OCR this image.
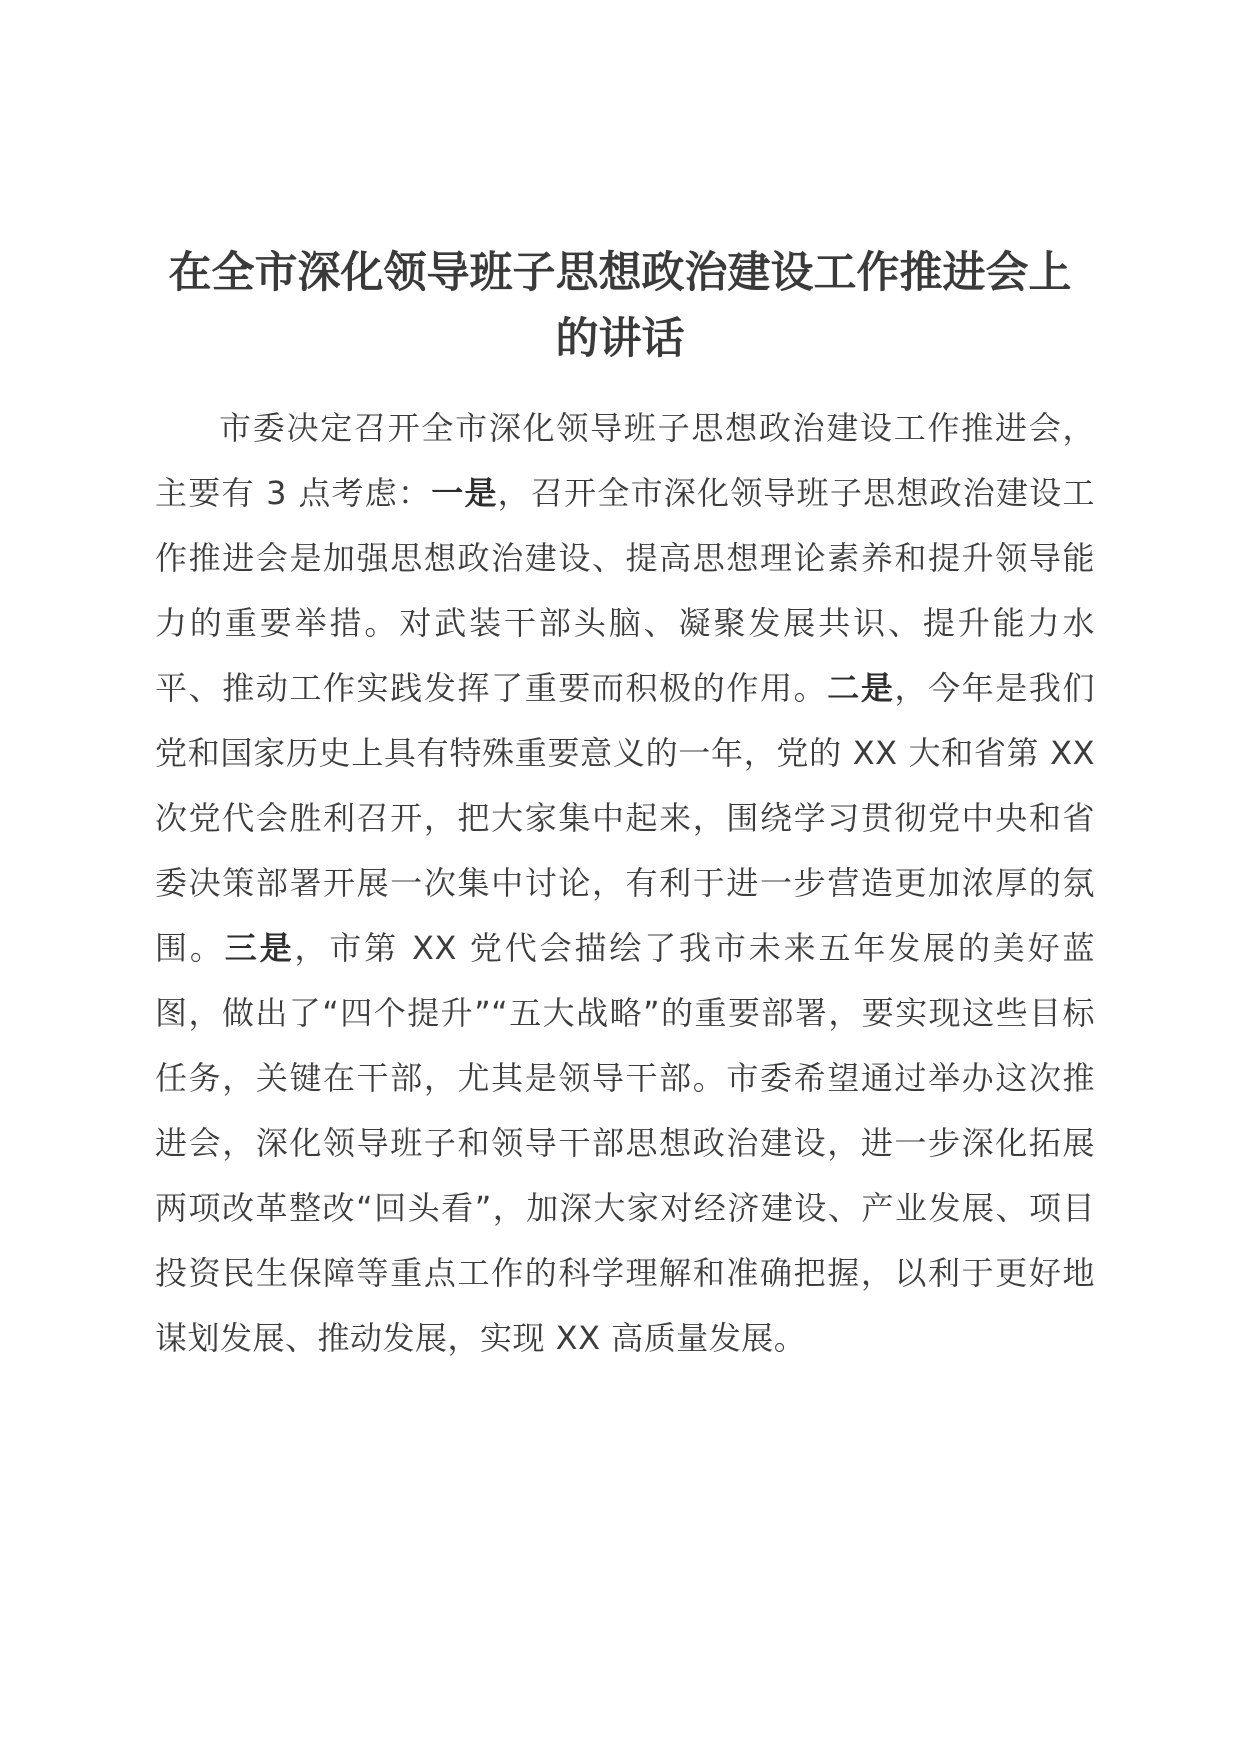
在全市深化领导班子思想政治建设工作推进会上的讲话

市委决定召开全市深化领导班子思想政治建设工作推进会，主要有 3 点考虑：一是，召开全市深化领导班子思想政治建设工作推进会是加强思想政治建设、提高思想理论素养和提升领导能力的重要举措。对武装干部头脑、凝聚发展共识、提升能力水平、推动工作实践发挥了重要而积极的作用。二是，今年是我们党和国家历史上具有特殊重要意义的一年，党的 XX 大和省第 XX 次党代会胜利召开，把大家集中起来，围绕学习贯彻党中央和省委决策部署开展一次集中讨论，有利于进一步营造更加浓厚的氛围。三是，市第 XX 党代会描绘了我市未来五年发展的美好蓝图，做出了“四个提升”“五大战略”的重要部署，要实现这些目标任务，关键在干部，尤其是领导干部。市委希望通过举办这次推进会，深化领导班子和领导干部思想政治建设，进一步深化拓展两项改革整改“回头看”，加深大家对经济建设、产业发展、项目投资民生保障等重点工作的科学理解和准确把握，以利于更好地谋划发展、推动发展，实现 XX 高质量发展。
